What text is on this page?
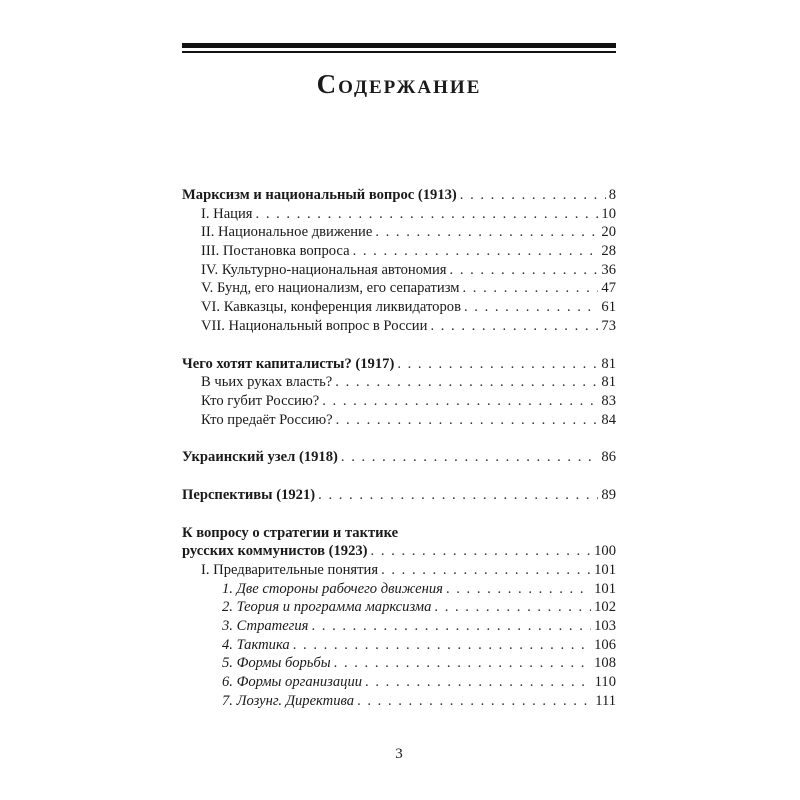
Содержание
Марксизм и национальный вопрос (1913) . . .	8
I. Нация . . .	10
II. Национальное движение . . .	20
III. Постановка вопроса . . .	28
IV. Культурно-национальная автономия . . .	36
V. Бунд, его национализм, его сепаратизм . . .	47
VI. Кавказцы, конференция ликвидаторов . . .	61
VII. Национальный вопрос в России . . .	73
Чего хотят капиталисты? (1917) . . .	81
В чьих руках власть? . . .	81
Кто губит Россию? . . .	83
Кто предаёт Россию? . . .	84
Украинский узел (1918) . . .	86
Перспективы (1921) . . .	89
К вопросу о стратегии и тактике
русских коммунистов (1923) . . .	100
I. Предварительные понятия . . .	101
1. Две стороны рабочего движения . . .	101
2. Теория и программа марксизма . . .	102
3. Стратегия . . .	103
4. Тактика . . .	106
5. Формы борьбы . . .	108
6. Формы организации . . .	110
7. Лозунг. Директива . . .	111
3
